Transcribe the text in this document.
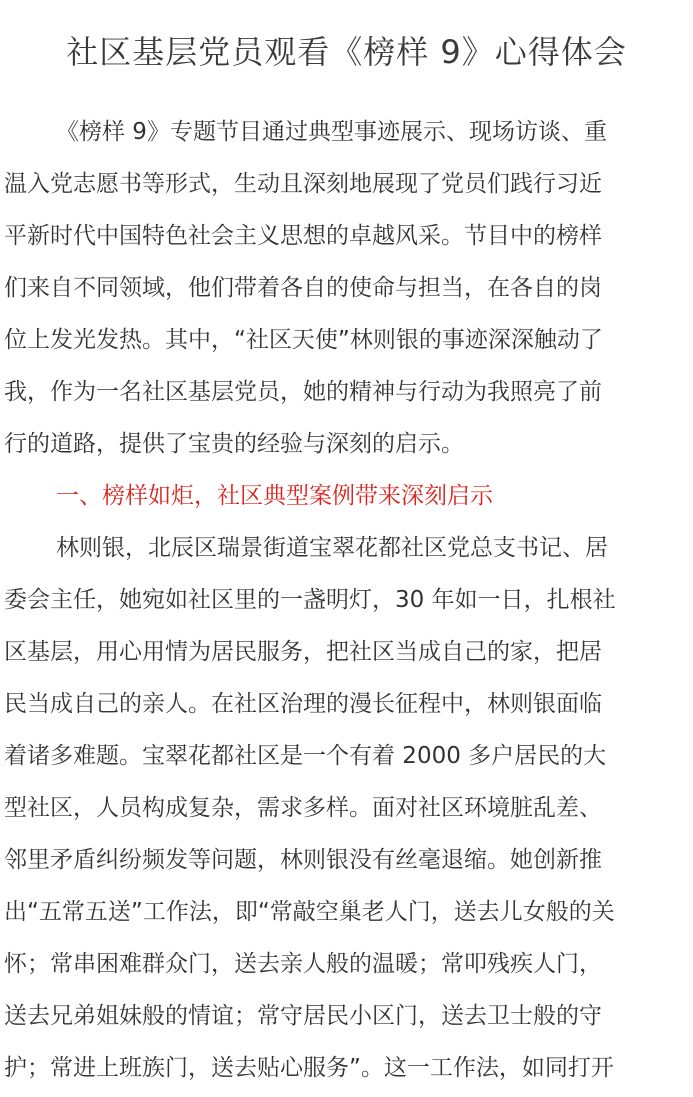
社区基层党员观看《榜样 9》心得体会
《榜样 9》专题节目通过典型事迹展示、现场访谈、重
温入党志愿书等形式，生动且深刻地展现了党员们践行习近
平新时代中国特色社会主义思想的卓越风采。节目中的榜样
们来自不同领域，他们带着各自的使命与担当，在各自的岗
位上发光发热。其中，“社区天使”林则银的事迹深深触动了
我，作为一名社区基层党员，她的精神与行动为我照亮了前
行的道路，提供了宝贵的经验与深刻的启示。
一、榜样如炬，社区典型案例带来深刻启示
林则银，北辰区瑞景街道宝翠花都社区党总支书记、居
委会主任，她宛如社区里的一盏明灯，30 年如一日，扎根社
区基层，用心用情为居民服务，把社区当成自己的家，把居
民当成自己的亲人。在社区治理的漫长征程中，林则银面临
着诸多难题。宝翠花都社区是一个有着 2000 多户居民的大
型社区，人员构成复杂，需求多样。面对社区环境脏乱差、
邻里矛盾纠纷频发等问题，林则银没有丝毫退缩。她创新推
出“五常五送”工作法，即“常敲空巢老人门，送去儿女般的关
怀；常串困难群众门，送去亲人般的温暖；常叩残疾人门，
送去兄弟姐妹般的情谊；常守居民小区门，送去卫士般的守
护；常进上班族门，送去贴心服务”。这一工作法，如同打开
